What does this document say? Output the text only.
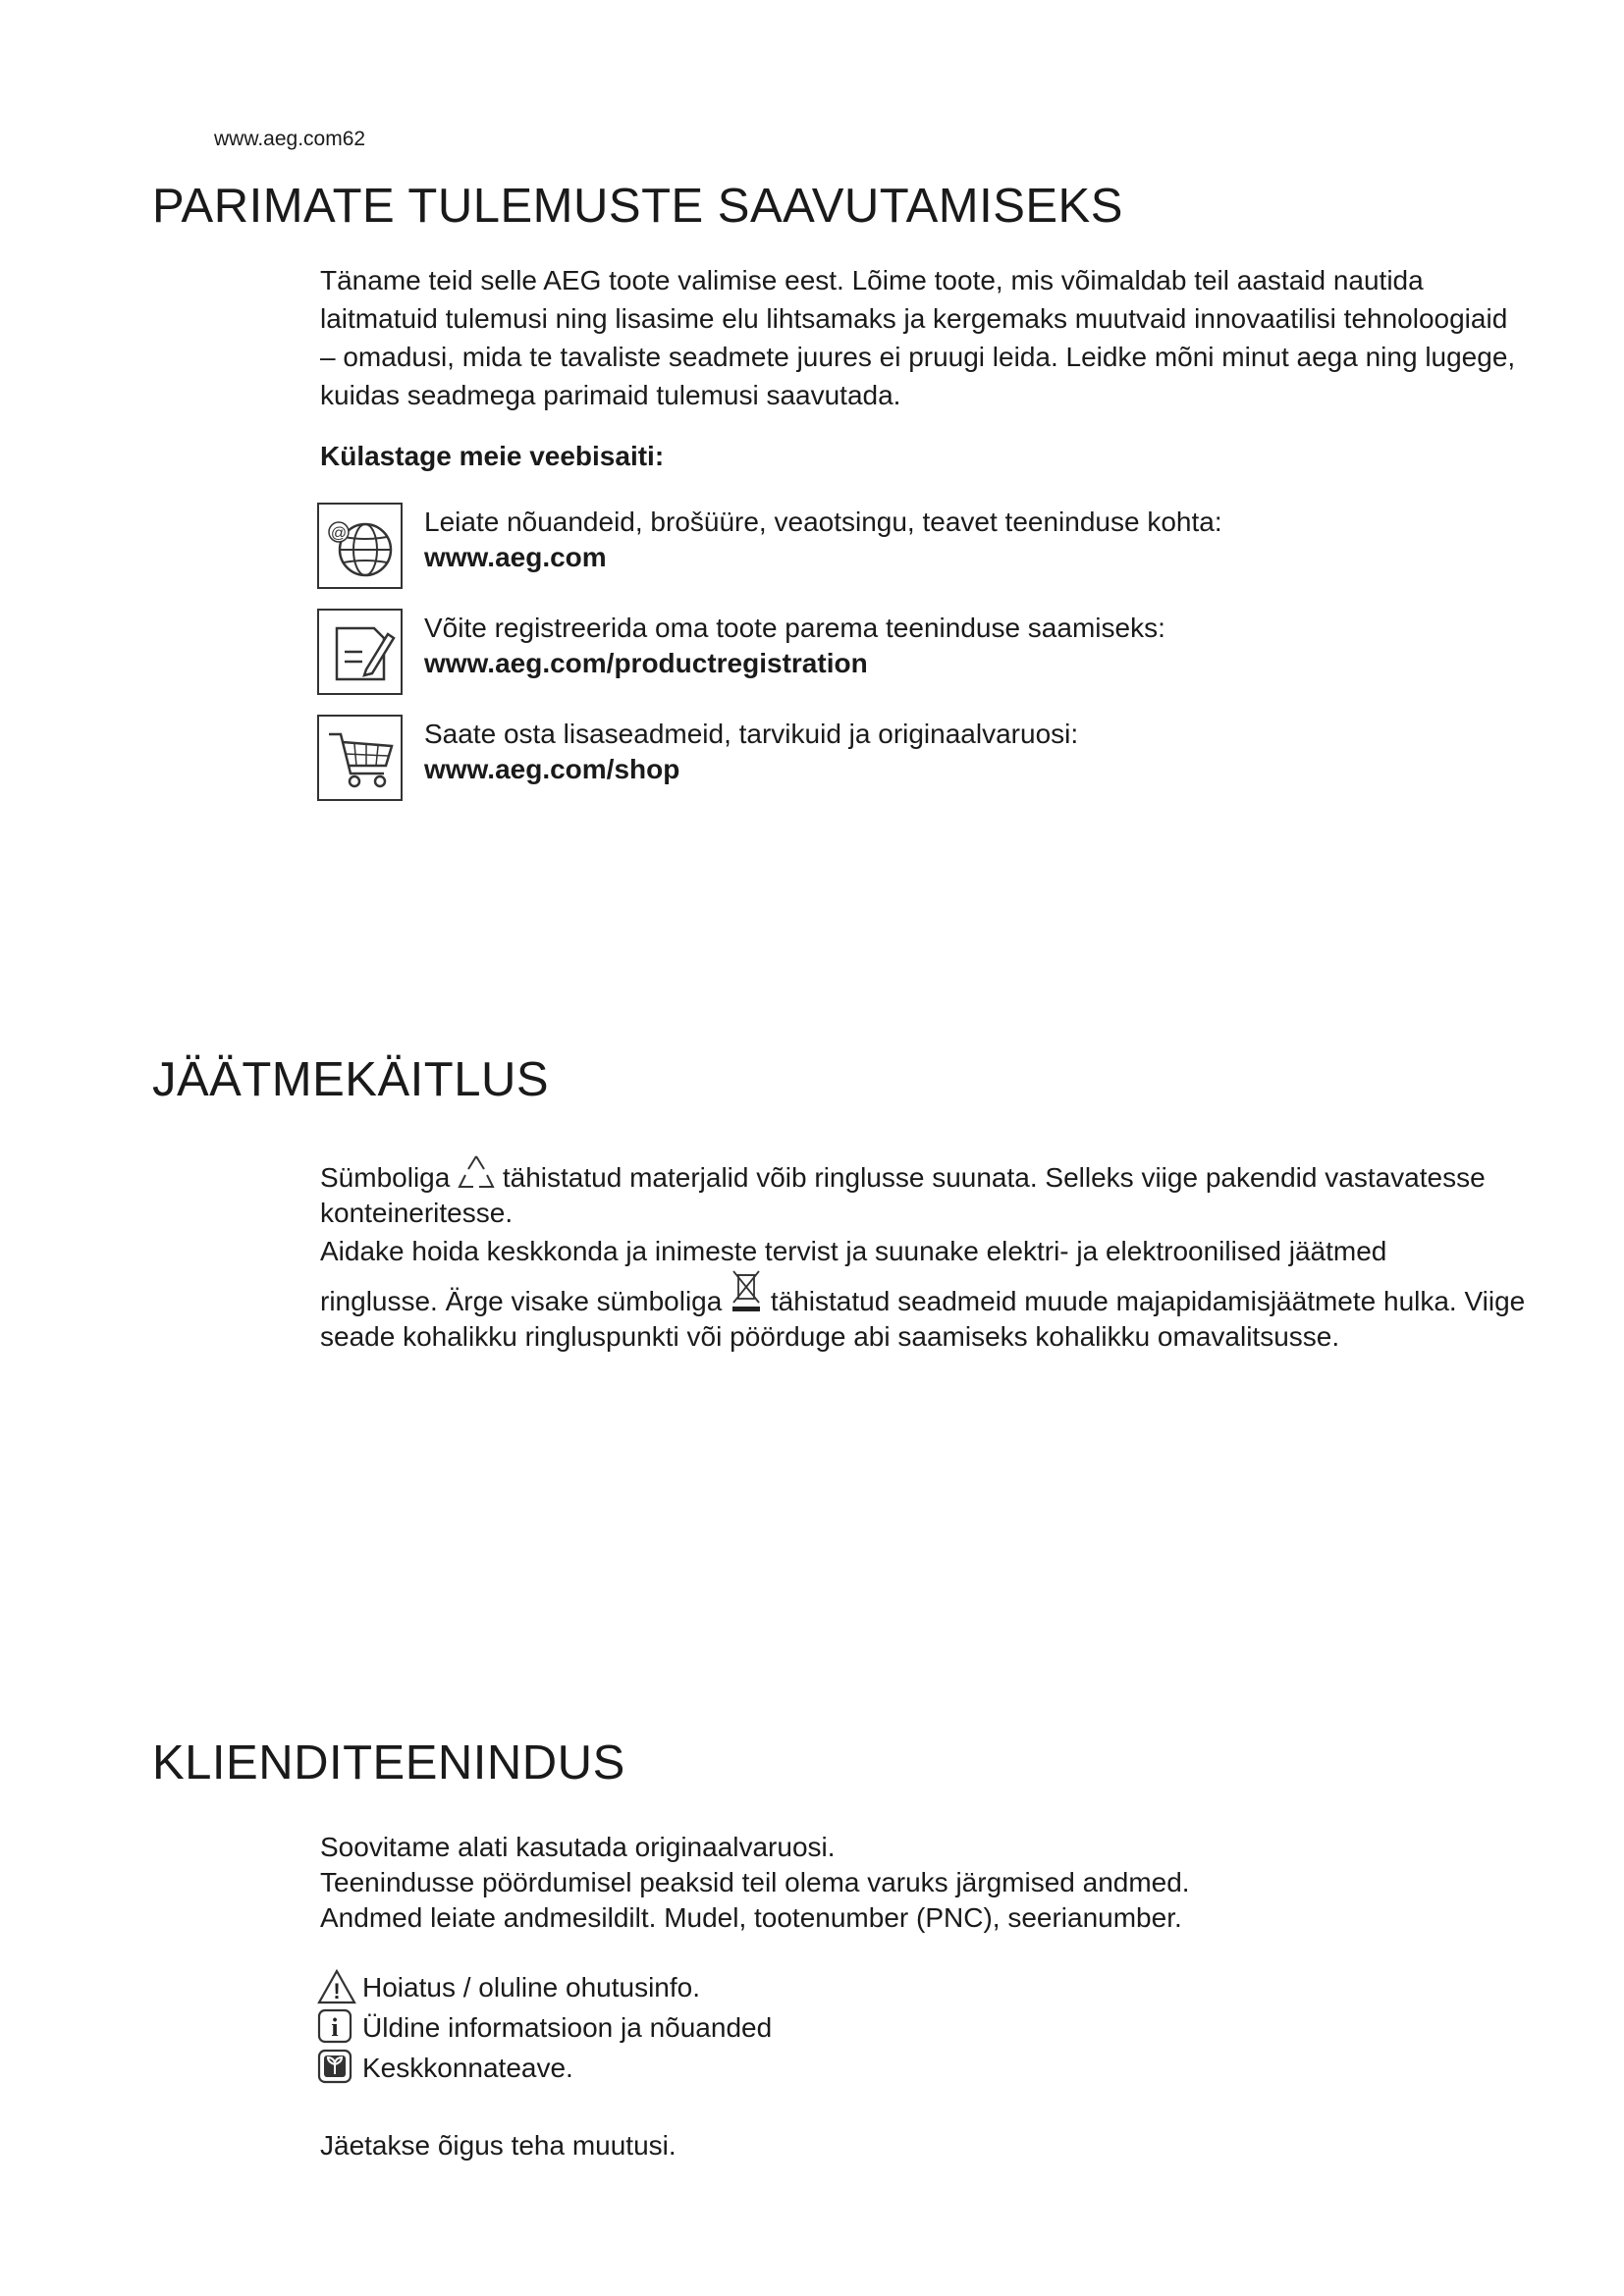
www.aeg.com62
PARIMATE TULEMUSTE SAAVUTAMISEKS

Täname teid selle AEG toote valimise eest. Lõime toote, mis võimaldab teil aastaid nautida laitmatuid tulemusi ning lisasime elu lihtsamaks ja kergemaks muutvaid innovaatilisi tehnoloogiaid – omadusi, mida te tavaliste seadmete juures ei pruugi leida. Leidke mõni minut aega ning lugege, kuidas seadmega parimaid tulemusi saavutada.

Külastage meie veebisaiti:

@	Leiate nõuandeid, brošüüre, veaotsingu, teavet teeninduse kohta:
www.aeg.com
Võite registreerida oma toote parema teeninduse saamiseks:
www.aeg.com/productregistration
Saate osta lisaseadmeid, tarvikuid ja originaalvaruosi:
www.aeg.com/shop
JÄÄTMEKÄITLUS

Sümboliga tähistatud materjalid võib ringlusse suunata. Selleks viige pakendid vastavatesse konteineritesse.

Aidake hoida keskkonda ja inimeste tervist ja suunake elektri- ja elektroonilised jäätmed
ringlusse. Ärge visake sümboliga tähistatud seadmeid muude majapidamisjäätmete hulka. Viige seade kohalikku ringluspunkti või pöörduge abi saamiseks kohalikku omavalitsusse.

KLIENDITEENINDUS

Soovitame alati kasutada originaalvaruosi.

Teenindusse pöördumisel peaksid teil olema varuks järgmised andmed.

Andmed leiate andmesildilt. Mudel, tootenumber (PNC), seerianumber.

! Hoiatus / oluline ohutusinfo.
i Üldine informatsioon ja nõuanded
Keskkonnateave.

Jäetakse õigus teha muutusi.
